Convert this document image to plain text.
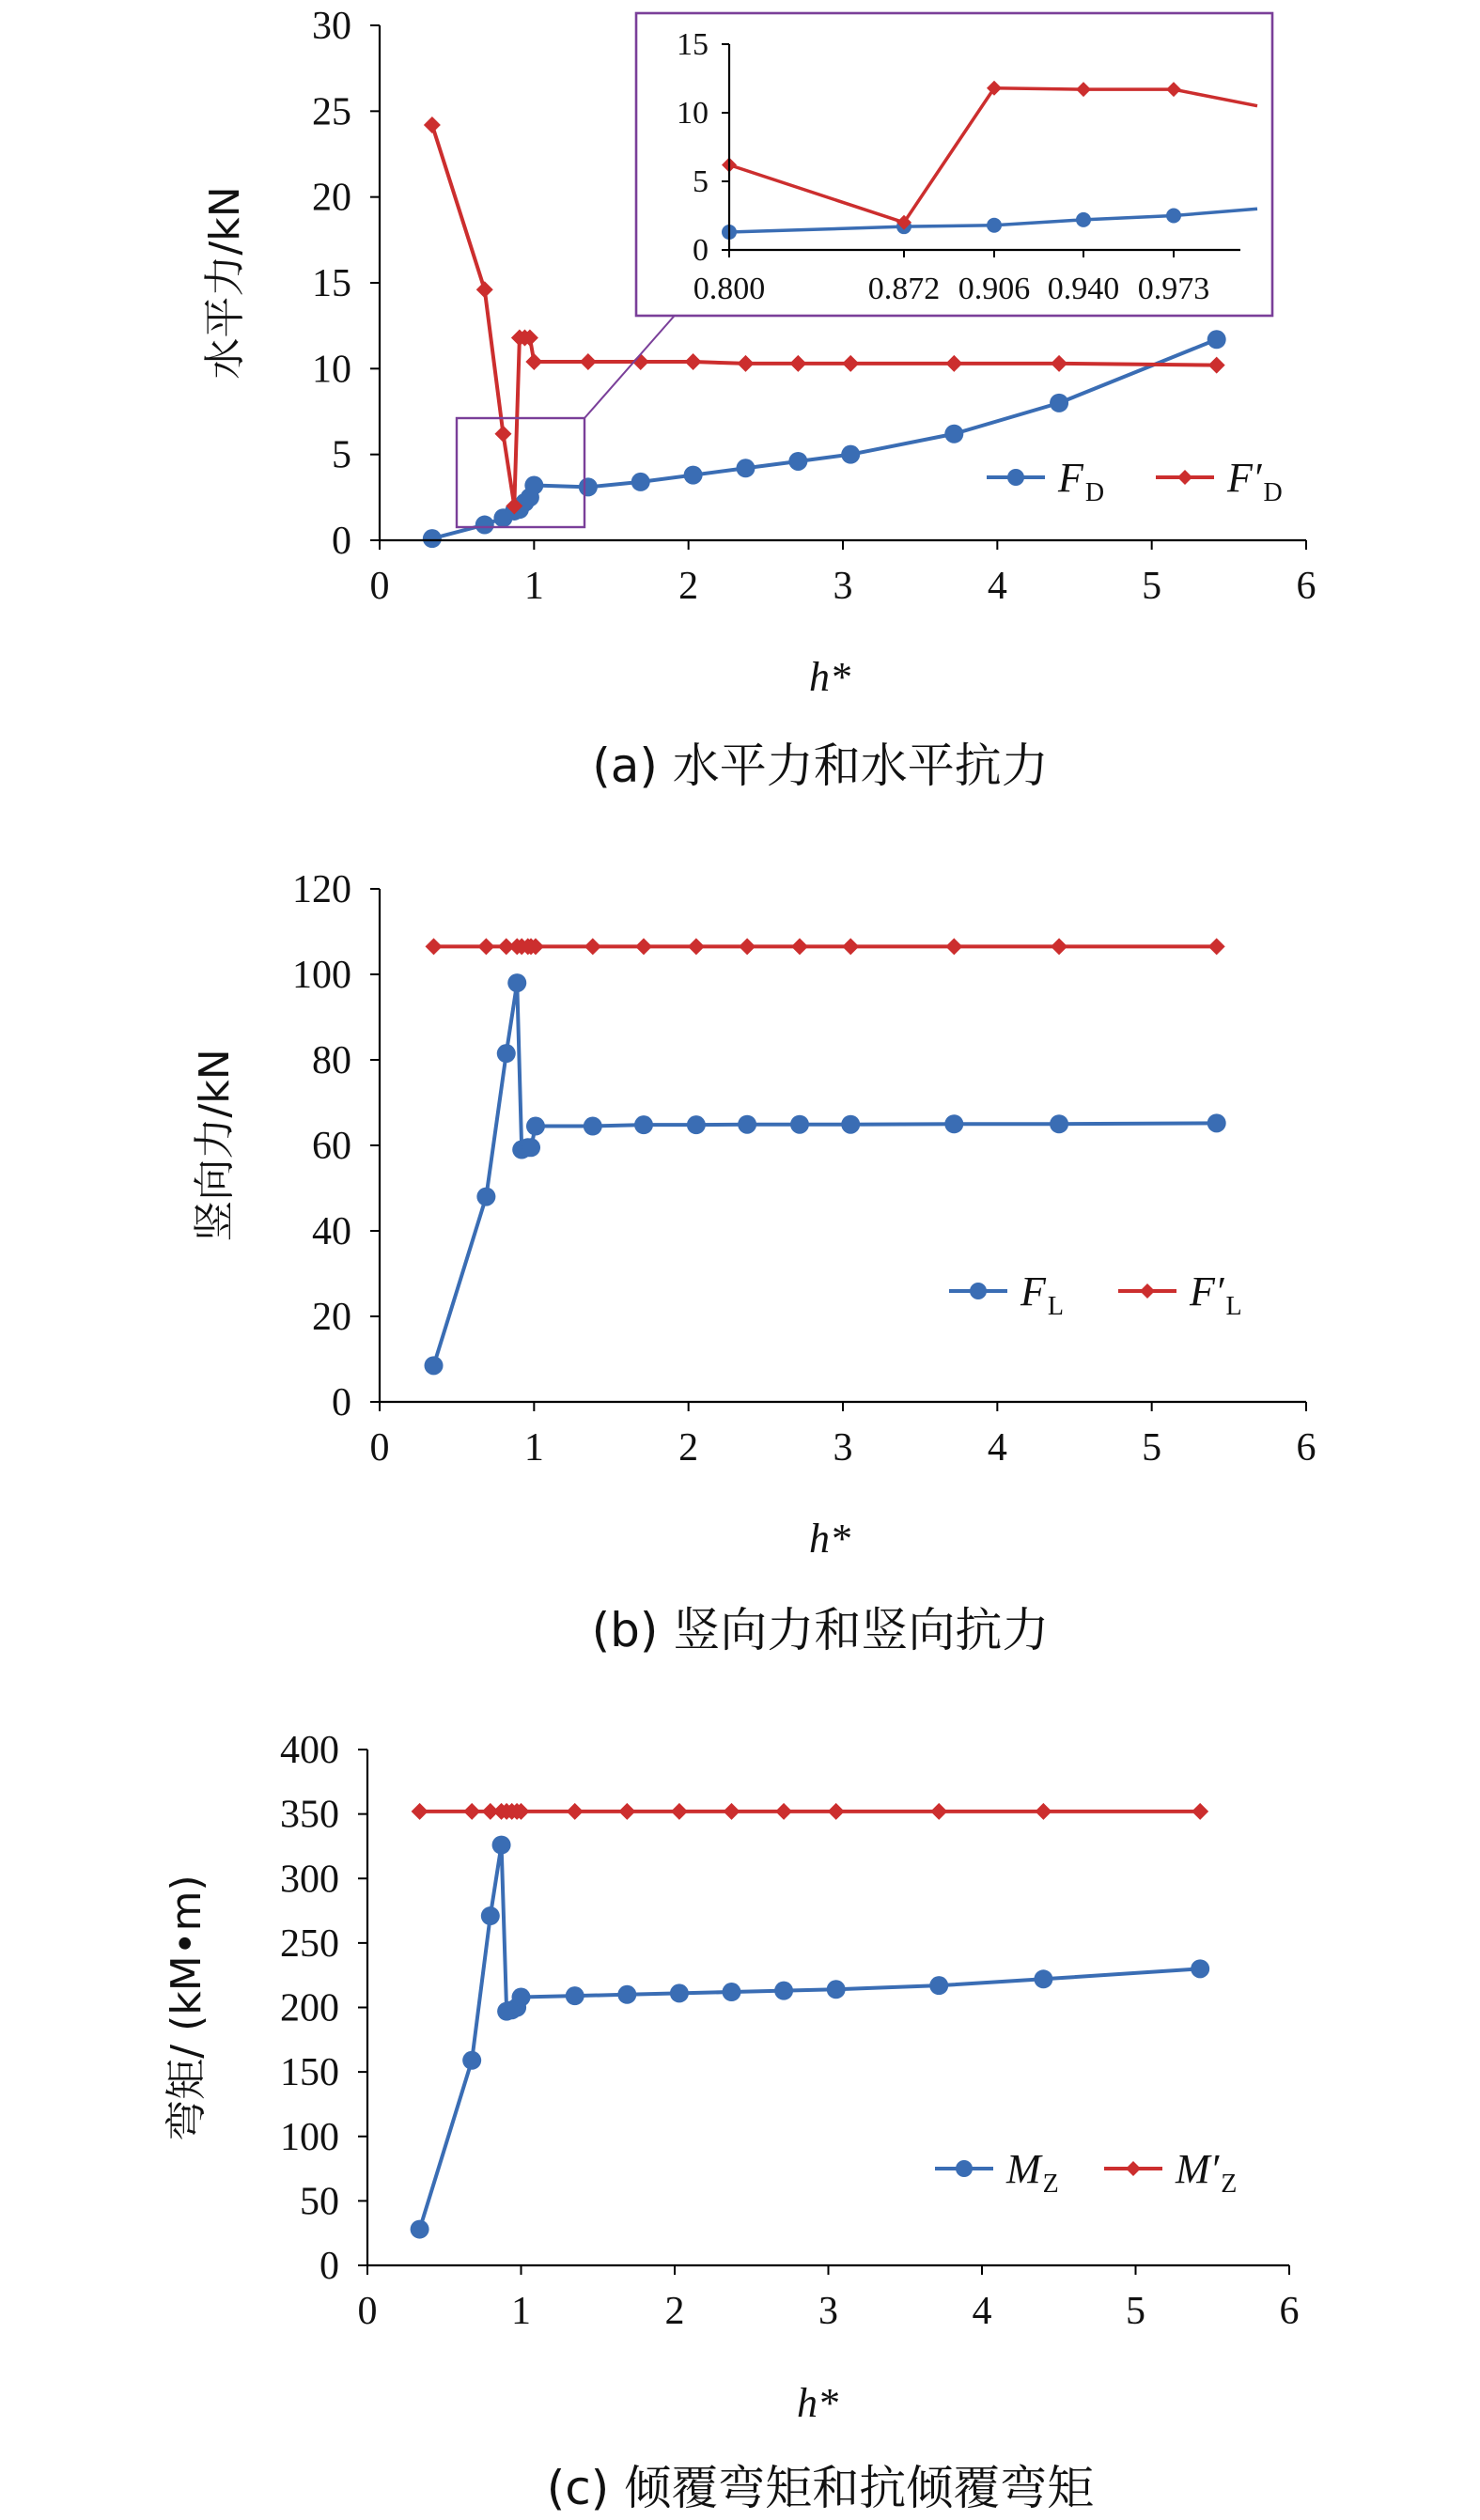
0	1	2	3	4	5	6
0
5
10
15
20
25
30
水平力/kN
h*
(a) 水平力和水平抗力
0
5
10
15
0.800	0.872 0.906 0.940 0.973
$F_D$	$F'_D$
0	1	2	3	4	5	6
0
20
40
60
80
100
120
竖向力/kN
h*
(b) 竖向力和竖向抗力
$F_L$	$F'_L$
0	1	2	3	4	5	6
0
50
100
150
200
250
300
350
400
弯矩/ (kM•m)
h*
(c) 倾覆弯矩和抗倾覆弯矩
$M_Z$	$M'_Z$
